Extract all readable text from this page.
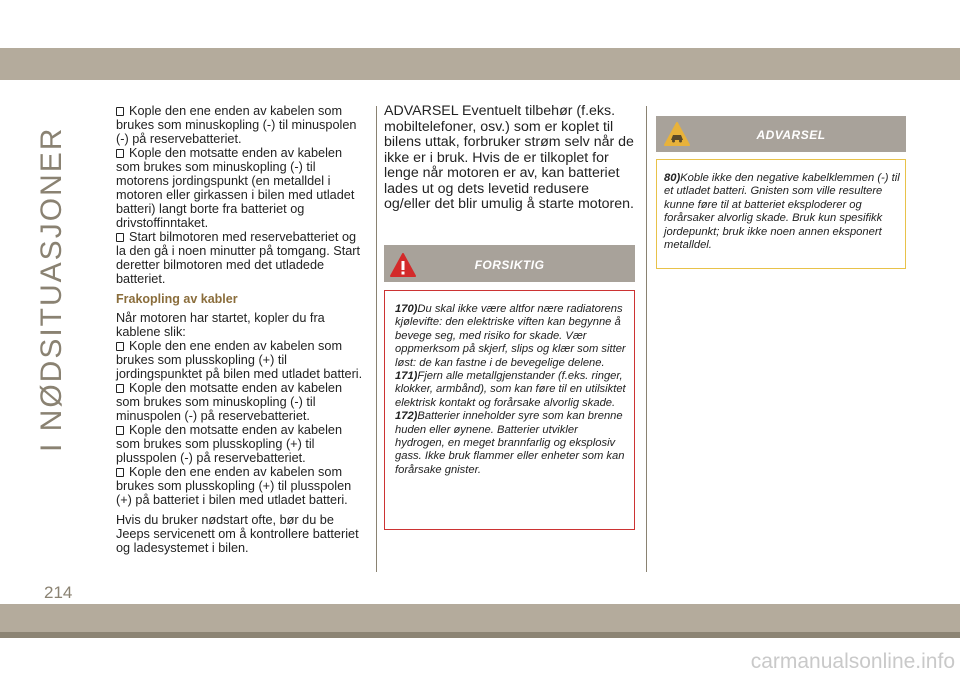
I NØDSITUASJONER
214

Kople den ene enden av kabelen som brukes som minuskopling (-) til minuspolen (-) på reservebatteriet.

Kople den motsatte enden av kabelen som brukes som minuskopling (-) til motorens jordingspunkt (en metalldel i motoren eller girkassen i bilen med utladet batteri) langt borte fra batteriet og drivstoffinntaket.

Start bilmotoren med reservebatteriet og la den gå i noen minutter på tomgang. Start deretter bilmotoren med det utladede batteriet.

Frakopling av kabler

Når motoren har startet, kopler du fra kablene slik:

Kople den ene enden av kabelen som brukes som plusskopling (+) til jordingspunktet på bilen med utladet batteri.

Kople den motsatte enden av kabelen som brukes som minuskopling (-) til minuspolen (-) på reservebatteriet.

Kople den motsatte enden av kabelen som brukes som plusskopling (+) til plusspolen (-) på reservebatteriet.

Kople den ene enden av kabelen som brukes som plusskopling (+) til plusspolen (+) på batteriet i bilen med utladet batteri.

Hvis du bruker nødstart ofte, bør du be Jeeps servicenett om å kontrollere batteriet og ladesystemet i bilen.

ADVARSEL Eventuelt tilbehør (f.eks. mobiltelefoner, osv.) som er koplet til bilens uttak, forbruker strøm selv når de ikke er i bruk. Hvis de er tilkoplet for lenge når motoren er av, kan batteriet lades ut og dets levetid redusere og/eller det blir umulig å starte motoren.

FORSIKTIG

170)Du skal ikke være altfor nære radiatorens kjølevifte: den elektriske viften kan begynne å bevege seg, med risiko for skade. Vær oppmerksom på skjerf, slips og klær som sitter løst: de kan fastne i de bevegelige delene.

171)Fjern alle metallgjenstander (f.eks. ringer, klokker, armbånd), som kan føre til en utilsiktet elektrisk kontakt og forårsake alvorlig skade.

172)Batterier inneholder syre som kan brenne huden eller øynene. Batterier utvikler hydrogen, en meget brannfarlig og eksplosiv gass. Ikke bruk flammer eller enheter som kan forårsake gnister.

ADVARSEL

80)Koble ikke den negative kabelklemmen (-) til et utladet batteri. Gnisten som ville resultere kunne føre til at batteriet eksploderer og forårsaker alvorlig skade. Bruk kun spesifikk jordepunkt; bruk ikke noen annen eksponert metalldel.

carmanualsonline.info
